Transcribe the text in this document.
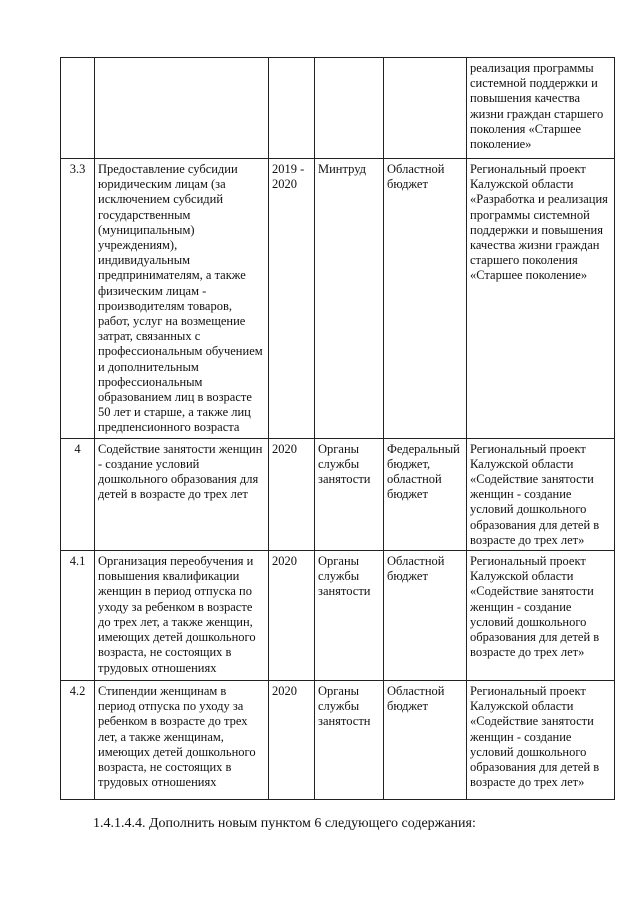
					реализация программы системной поддержки и повышения качества жизни граждан старшего поколения «Старшее поколение»

3.3	Предоставление субсидии юридическим лицам (за исключением субсидий государственным (муниципальным) учреждениям), индивидуальным предпринимателям, а также физическим лицам - производителям товаров, работ, услуг на возмещение затрат, связанных с профессиональным обучением и дополнительным профессиональным образованием лиц в возрасте 50 лет и старше, а также лиц предпенсионного возраста	2019 - 2020	Минтруд	Областной бюджет	Региональный проект Калужской области «Разработка и реализация программы системной поддержки и повышения качества жизни граждан старшего поколения «Старшее поколение»

4	Содействие занятости женщин - создание условий дошкольного образования для детей в возрасте до трех лет	2020	Органы службы занятости	Федеральный бюджет, областной бюджет	Региональный проект Калужской области «Содействие занятости женщин - создание условий дошкольного образования для детей в возрасте до трех лет»

4.1	Организация переобучения и повышения квалификации женщин в период отпуска по уходу за ребенком в возрасте до трех лет, а также женщин, имеющих детей дошкольного возраста, не состоящих в трудовых отношениях	2020	Органы службы занятости	Областной бюджет	Региональный проект Калужской области «Содействие занятости женщин - создание условий дошкольного образования для детей в возрасте до трех лет»

4.2	Стипендии женщинам в период отпуска по уходу за ребенком в возрасте до трех лет, а также женщинам, имеющих детей дошкольного возраста, не состоящих в трудовых отношениях	2020	Органы службы занятостн	Областной бюджет	Региональный проект Калужской области «Содействие занятости женщин - создание условий дошкольного образования для детей в возрасте до трех лет»
1.4.1.4.4. Дополнить новым пунктом 6 следующего содержания:
